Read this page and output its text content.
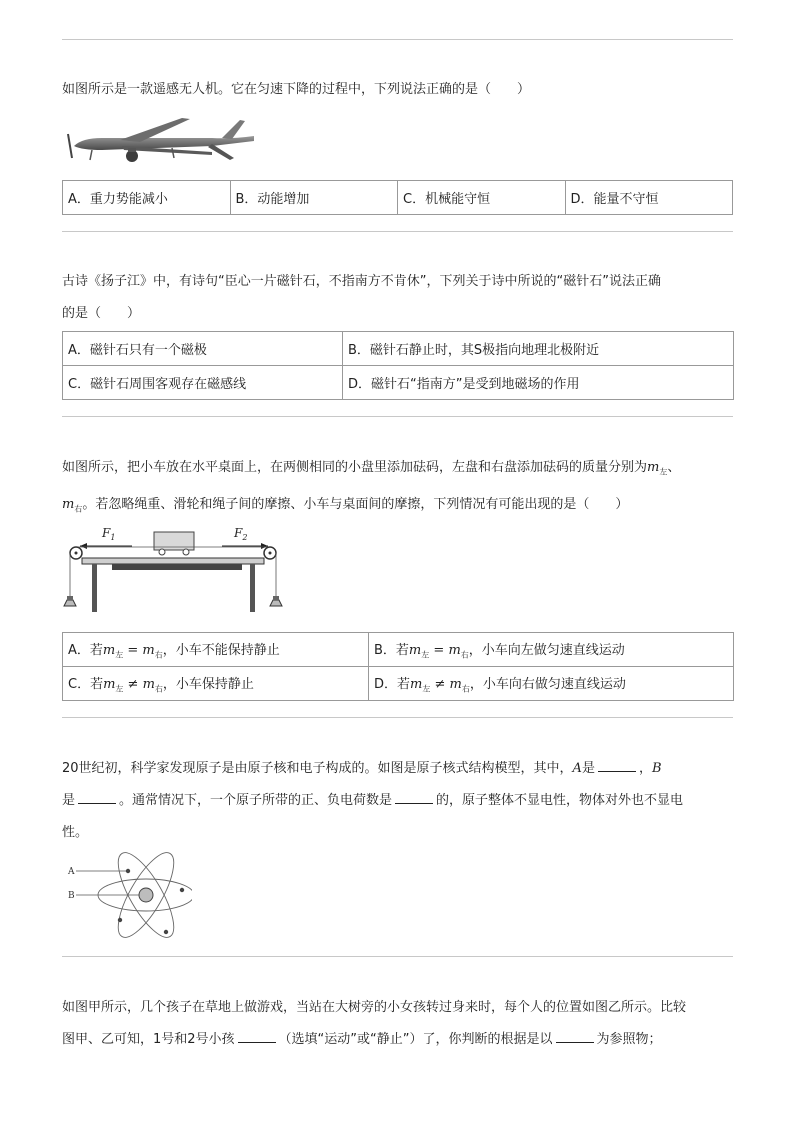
如图所示是一款遥感无人机。它在匀速下降的过程中，下列说法正确的是（　　）
A．重力势能减小	B．动能增加	C．机械能守恒	D．能量不守恒
古诗《扬子江》中，有诗句“臣心一片磁针石，不指南方不肯休”，下列关于诗中所说的“磁针石”说法正确
的是（　　）
A．磁针石只有一个磁极	B．磁针石静止时，其S极指向地理北极附近
C．磁针石周围客观存在磁感线	D．磁针石“指南方”是受到地磁场的作用
如图所示，把小车放在水平桌面上，在两侧相同的小盘里添加砝码，左盘和右盘添加砝码的质量分别为$m_左$、
$m_右$。若忽略绳重、滑轮和绳子间的摩擦、小车与桌面间的摩擦，下列情况有可能出现的是（　　）
$F_1$	$F_2$
A．若$m_左 = m_右$，小车不能保持静止	B．若$m_左 = m_右$，小车向左做匀速直线运动
C．若$m_左 \ne m_右$，小车保持静止	D．若$m_左 \ne m_右$，小车向右做匀速直线运动
20世纪初，科学家发现原子是由原子核和电子构成的。如图是原子核式结构模型，其中，A是	，B
是	。通常情况下，一个原子所带的正、负电荷数是	的，原子整体不显电性，物体对外也不显电
性。
A
B
如图甲所示，几个孩子在草地上做游戏，当站在大树旁的小女孩转过身来时，每个人的位置如图乙所示。比较
图甲、乙可知，1号和2号小孩	（选填“运动”或“静止”）了，你判断的根据是以	为参照物；
